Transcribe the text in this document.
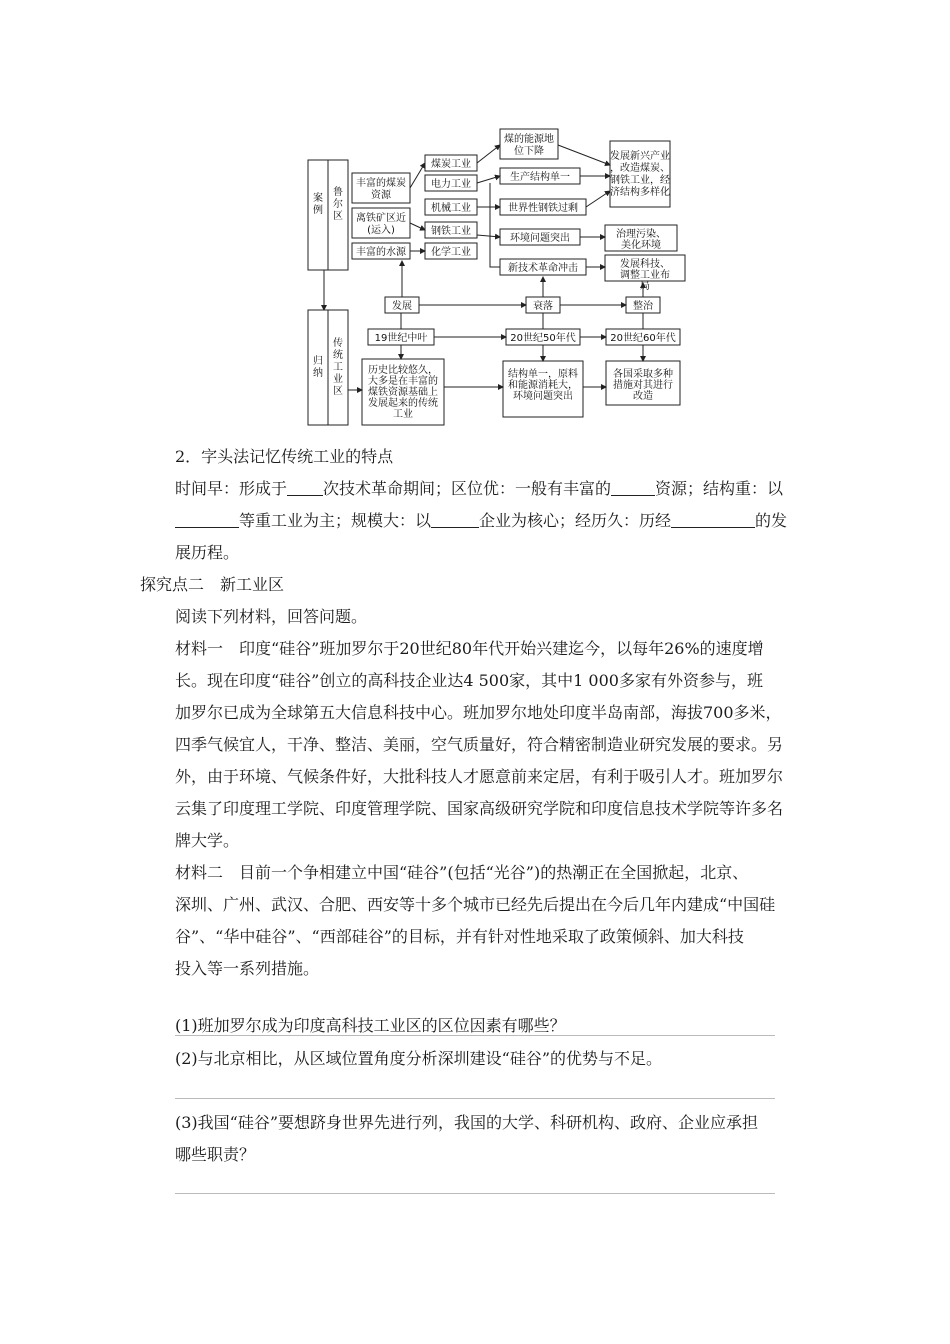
案例
鲁尔区
归纳
传统工业区
丰富的煤炭资源
离铁矿区近(运入)
丰富的水源
煤炭工业
电力工业
机械工业
钢铁工业
化学工业
煤的能源地位下降
生产结构单一
世界性钢铁过剩
环境问题突出
新技术革命冲击
发展新兴产业，改造煤炭、钢铁工业，经济结构多样化
治理污染、美化环境
发展科技、调整工业布局
发展	衰落	整治
19世纪中叶	20世纪50年代	20世纪60年代
历史比较悠久，大多是在丰富的煤铁资源基础上发展起来的传统工业
结构单一，原料和能源消耗大，环境问题突出
各国采取多种措施对其进行改造
2．字头法记忆传统工业的特点
时间早：形成于 次技术革命期间；区位优：一般有丰富的	资源；结构重：以
等重工业为主；规模大：以	企业为核心；经历久：历经	的发
展历程。
探究点二　新工业区
阅读下列材料，回答问题。
材料一　印度“硅谷”班加罗尔于20世纪80年代开始兴建迄今，以每年26%的速度增
长。现在印度“硅谷”创立的高科技企业达4 500家，其中1 000多家有外资参与，班
加罗尔已成为全球第五大信息科技中心。班加罗尔地处印度半岛南部，海拔700多米，
四季气候宜人，干净、整洁、美丽，空气质量好，符合精密制造业研究发展的要求。另
外，由于环境、气候条件好，大批科技人才愿意前来定居，有利于吸引人才。班加罗尔
云集了印度理工学院、印度管理学院、国家高级研究学院和印度信息技术学院等许多名
牌大学。
材料二　目前一个争相建立中国“硅谷”(包括“光谷”)的热潮正在全国掀起，北京、
深圳、广州、武汉、合肥、西安等十多个城市已经先后提出在今后几年内建成“中国硅
谷”、“华中硅谷”、“西部硅谷”的目标，并有针对性地采取了政策倾斜、加大科技
投入等一系列措施。
(1)班加罗尔成为印度高科技工业区的区位因素有哪些？
(2)与北京相比，从区域位置角度分析深圳建设“硅谷”的优势与不足。
(3)我国“硅谷”要想跻身世界先进行列，我国的大学、科研机构、政府、企业应承担
哪些职责？
